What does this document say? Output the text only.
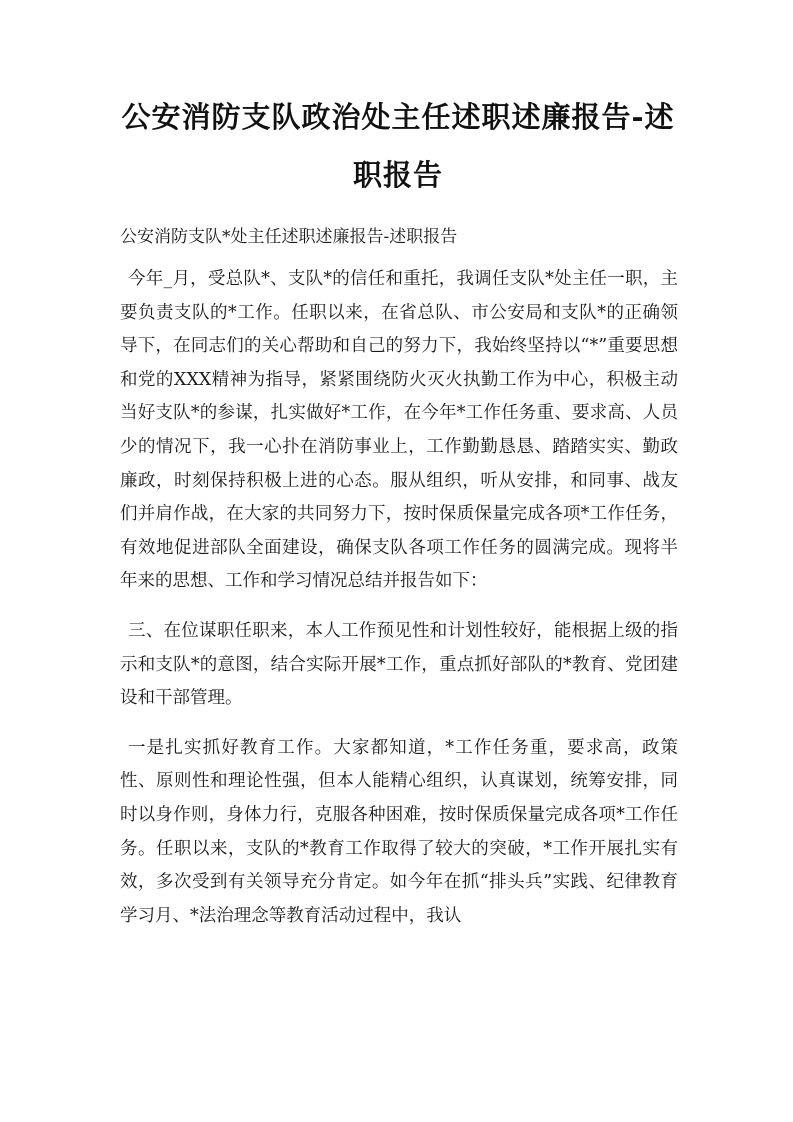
公安消防支队政治处主任述职述廉报告-述职报告
公安消防支队*处主任述职述廉报告-述职报告

今年_月，受总队*、支队*的信任和重托，我调任支队*处主任一职，主要负责支队的*工作。任职以来，在省总队、市公安局和支队*的正确领导下，在同志们的关心帮助和自己的努力下，我始终坚持以“*”重要思想和党的XXX精神为指导，紧紧围绕防火灭火执勤工作为中心，积极主动当好支队*的参谋，扎实做好*工作，在今年*工作任务重、要求高、人员少的情况下，我一心扑在消防事业上，工作勤勤恳恳、踏踏实实、勤政廉政，时刻保持积极上进的心态。服从组织，听从安排，和同事、战友们并肩作战，在大家的共同努力下，按时保质保量完成各项*工作任务，有效地促进部队全面建设，确保支队各项工作任务的圆满完成。现将半年来的思想、工作和学习情况总结并报告如下：

三、在位谋职任职来，本人工作预见性和计划性较好，能根据上级的指示和支队*的意图，结合实际开展*工作，重点抓好部队的*教育、党团建设和干部管理。

一是扎实抓好教育工作。大家都知道，*工作任务重，要求高，政策性、原则性和理论性强，但本人能精心组织，认真谋划，统筹安排，同时以身作则，身体力行，克服各种困难，按时保质保量完成各项*工作任务。任职以来，支队的*教育工作取得了较大的突破，*工作开展扎实有效，多次受到有关领导充分肯定。如今年在抓“排头兵”实践、纪律教育学习月、*法治理念等教育活动过程中，我认
